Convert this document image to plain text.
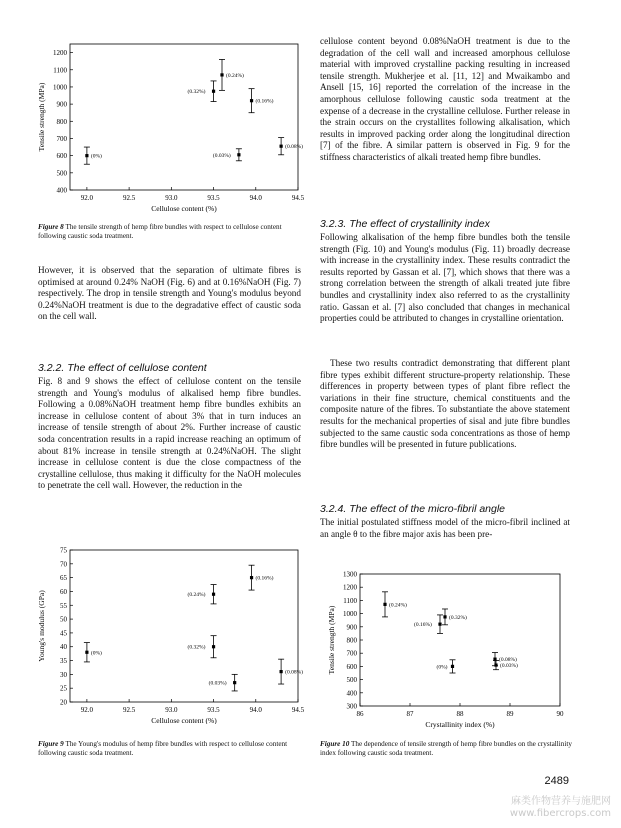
92.0	92.5	93.0	93.5	94.0	94.5
400
500
600
700
800
900
1000
1100
1200
Cellulose content (%)
Tensile strength (MPa)
(0%)
(0.32%)
(0.24%)
(0.16%)
(0.03%)
(0.08%)
Figure 8 The tensile strength of hemp fibre bundles with respect to cellulose content following caustic soda treatment.

However, it is observed that the separation of ultimate fibres is optimised at around 0.24% NaOH (Fig. 6) and at 0.16%NaOH (Fig. 7) respectively. The drop in tensile strength and Young's modulus beyond 0.24%NaOH treatment is due to the degradative effect of caustic soda on the cell wall.

3.2.2. The effect of cellulose content

Fig. 8 and 9 shows the effect of cellulose content on the tensile strength and Young's modulus of alkalised hemp fibre bundles. Following a 0.08%NaOH treatment hemp fibre bundles exhibits an increase in cellulose content of about 3% that in turn induces an increase of tensile strength of about 2%. Further increase of caustic soda concentration results in a rapid increase reaching an optimum of about 81% increase in tensile strength at 0.24%NaOH. The slight increase in cellulose content is due the close compactness of the crystalline cellulose, thus making it difficulty for the NaOH molecules to penetrate the cell wall. However, the reduction in the

92.0	92.5	93.0	93.5	94.0	94.5
20
25
30
35
40
45
50
55
60
65
70
75
Cellulose content (%)
Young's modulus (GPa)	(0%)
(0.24%)
(0.16%)
(0.32%)
(0.03%)
(0.08%)
Figure 9 The Young's modulus of hemp fibre bundles with respect to cellulose content following caustic soda treatment.

cellulose content beyond 0.08%NaOH treatment is due to the degradation of the cell wall and increased amorphous cellulose material with improved crystalline packing resulting in increased tensile strength. Mukherjee et al. [11, 12] and Mwaikambo and Ansell [15, 16] reported the correlation of the increase in the amorphous cellulose following caustic soda treatment at the expense of a decrease in the crystalline cellulose. Further release in the strain occurs on the crystallites following alkalisation, which results in improved packing order along the longitudinal direction [7] of the fibre. A similar pattern is observed in Fig. 9 for the stiffness characteristics of alkali treated hemp fibre bundles.

3.2.3. The effect of crystallinity index

Following alkalisation of the hemp fibre bundles both the tensile strength (Fig. 10) and Young's modulus (Fig. 11) broadly decrease with increase in the crystallinity index. These results contradict the results reported by Gassan et al. [7], which shows that there was a strong correlation between the strength of alkali treated jute fibre bundles and crystallinity index also referred to as the crystallinity ratio. Gassan et al. [7] also concluded that changes in mechanical properties could be attributed to changes in crystalline orientation.

These two results contradict demonstrating that different plant fibre types exhibit different structure-property relationship. These differences in property between types of plant fibre reflect the variations in their fine structure, chemical constituents and the composite nature of the fibres. To substantiate the above statement results for the mechanical properties of sisal and jute fibre bundles subjected to the same caustic soda concentrations as those of hemp fibre bundles will be presented in future publications.

3.2.4. The effect of the micro-fibril angle

The initial postulated stiffness model of the micro-fibril inclined at an angle θ to the fibre major axis has been pre-

86	87	88	89	90
300
400
500
600
700
800
900
1000
1100
1200
1300
Crystallinity index (%)
Tensile strength (MPa)
(0.24%)
(0.16%)
(0.32%)
(0%)
(0.08%)
(0.03%)
Figure 10 The dependence of tensile strength of hemp fibre bundles on the crystallinity index following caustic soda treatment.
2489
麻类作物营养与施肥网
www.fibercrops.com
